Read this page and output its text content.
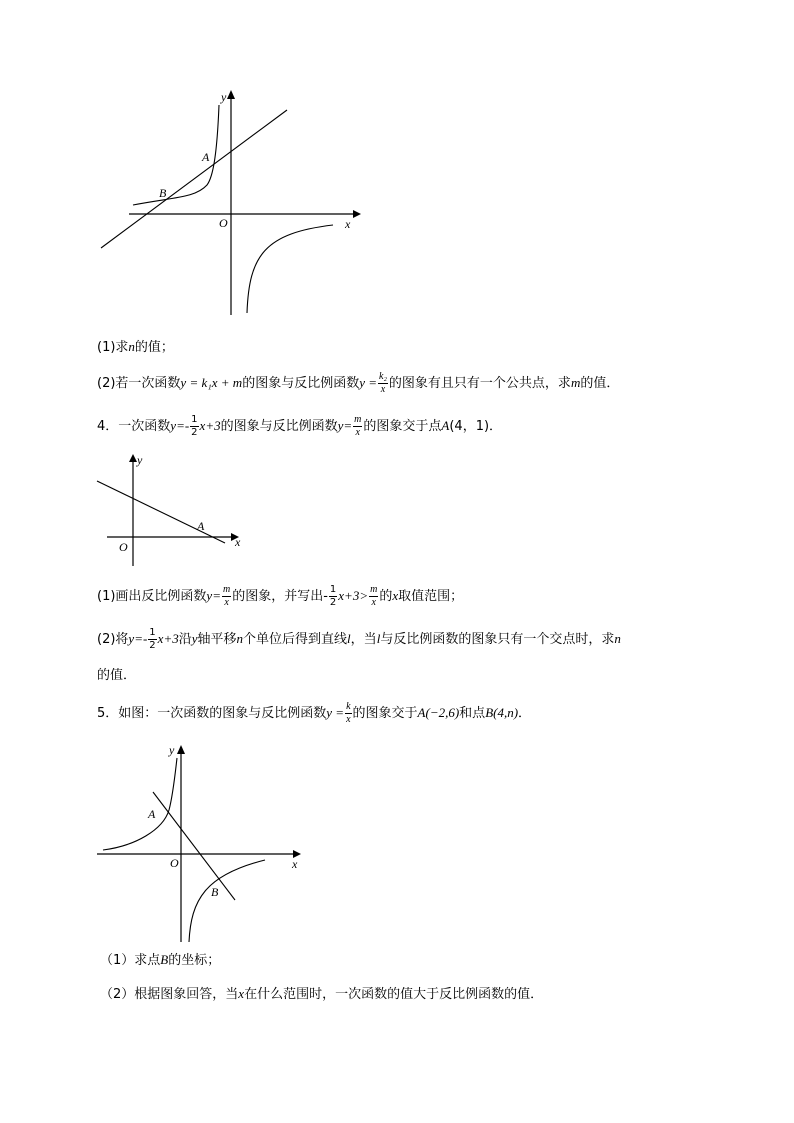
y
x
O
A
B
(1)求n的值；
(2)若一次函数y = k₁x + m的图象与反比例函数$y = \frac{\text{k₂}}{x}$ 的图象有且只有一个公共点，求m的值．
4．一次函数$y=- \frac{1}{2} x+3$的图象与反比例函数$y= \frac{m}{x}$ 的图象交于点A(4，1)．
y
x
O
A
(1)画出反比例函数$y= \frac{m}{x}$ 的图象，并写出- $\frac{1}{2} x+3> \frac{m}{x}$ 的x取值范围；
(2)将$y=- \frac{1}{2} x+3$沿y轴平移n个单位后得到直线l，当l与反比例函数的图象只有一个交点时，求n
的值．
5．如图：一次函数的图象与反比例函数$y = \frac{k}{x}$ 的图象交于A(−2,6)和点B(4,n)．
y
x
O
A
B
（1）求点B的坐标；
（2）根据图象回答，当x在什么范围时，一次函数的值大于反比例函数的值．
